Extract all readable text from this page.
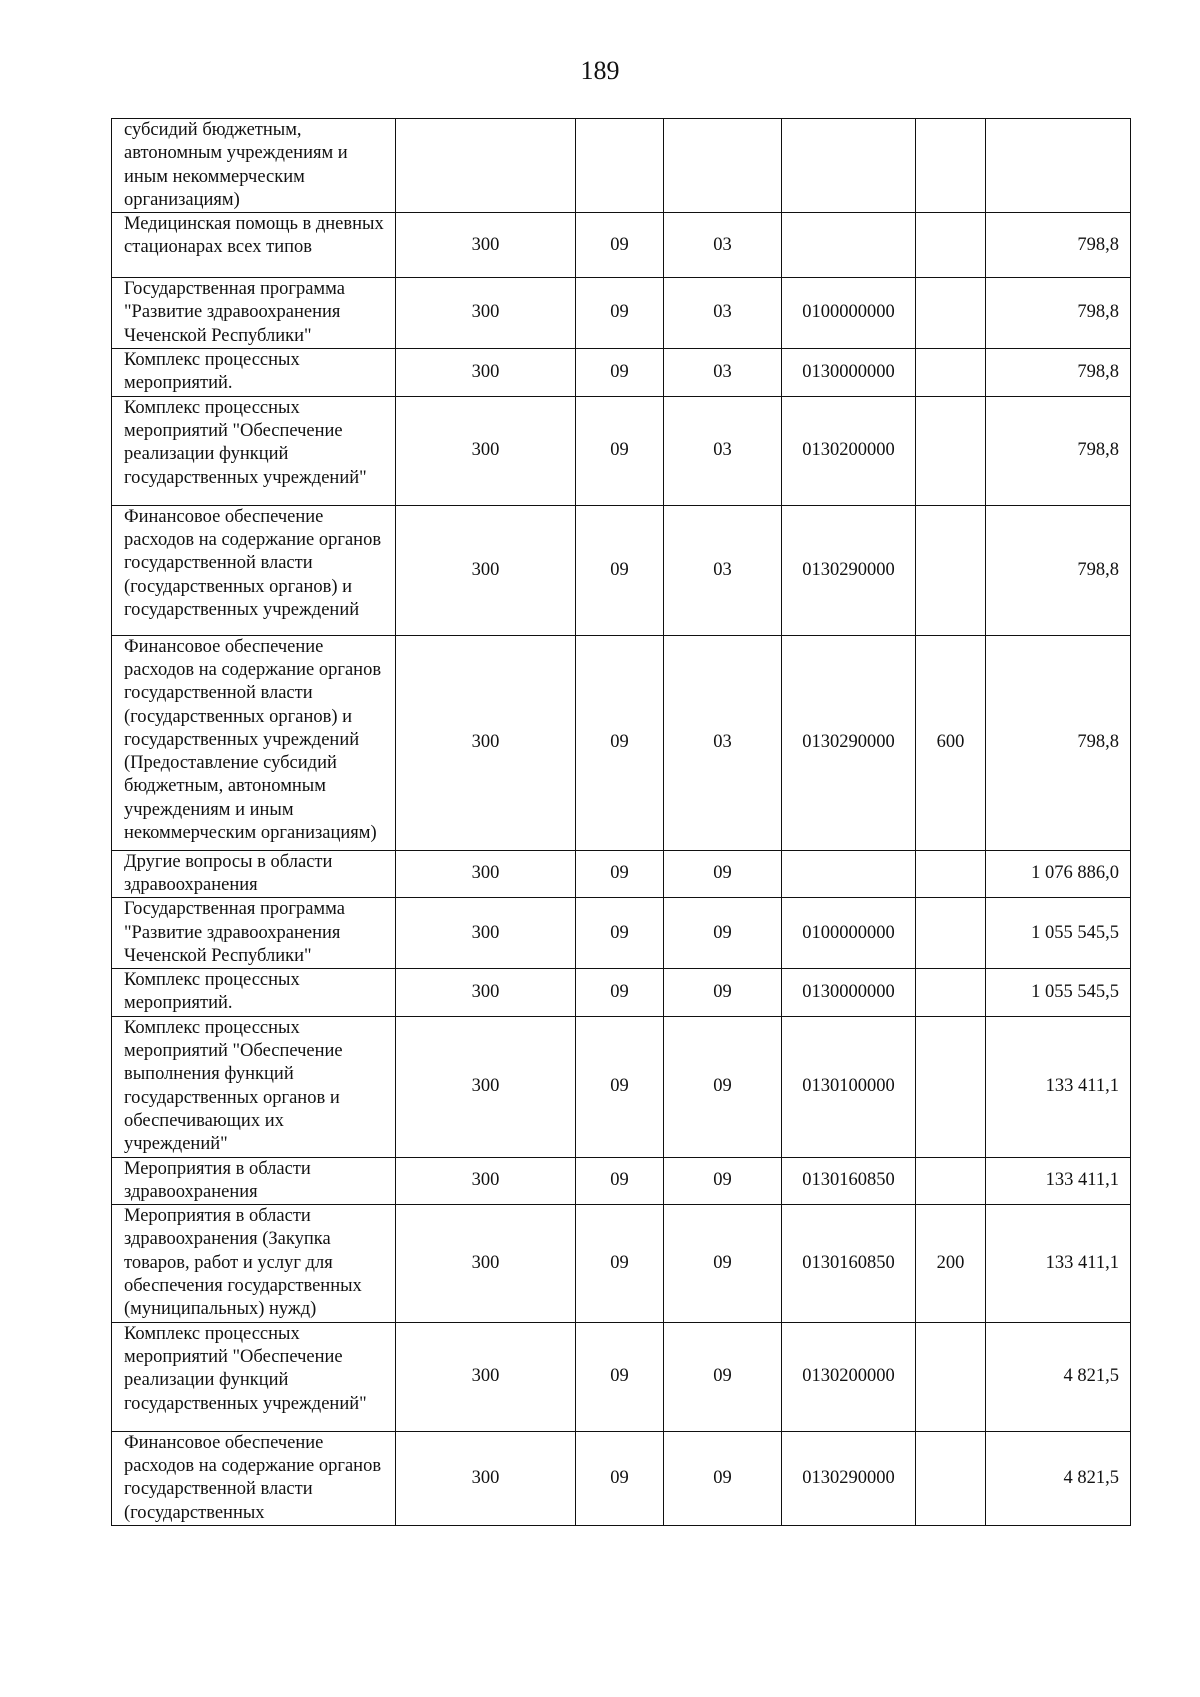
189
субсидий бюджетным, автономным учреждениям и иным некоммерческим организациям)						
Медицинская помощь в дневных стационарах всех типов	300	09	03			798,8
Государственная программа "Развитие здравоохранения Чеченской Республики"	300	09	03	0100000000		798,8
Комплекс процессных мероприятий.	300	09	03	0130000000		798,8
Комплекс процессных мероприятий "Обеспечение реализации функций государственных учреждений"	300	09	03	0130200000		798,8
Финансовое обеспечение расходов на содержание органов государственной власти (государственных органов) и государственных учреждений	300	09	03	0130290000		798,8
Финансовое обеспечение расходов на содержание органов государственной власти (государственных органов) и государственных учреждений (Предоставление субсидий бюджетным, автономным учреждениям и иным некоммерческим организациям)	300	09	03	0130290000	600	798,8
Другие вопросы в области здравоохранения	300	09	09			1 076 886,0
Государственная программа "Развитие здравоохранения Чеченской Республики"	300	09	09	0100000000		1 055 545,5
Комплекс процессных мероприятий.	300	09	09	0130000000		1 055 545,5
Комплекс процессных мероприятий "Обеспечение выполнения функций государственных органов и обеспечивающих их учреждений"	300	09	09	0130100000		133 411,1
Мероприятия в области здравоохранения	300	09	09	0130160850		133 411,1
Мероприятия в области здравоохранения (Закупка товаров, работ и услуг для обеспечения государственных (муниципальных) нужд)	300	09	09	0130160850	200	133 411,1
Комплекс процессных мероприятий "Обеспечение реализации функций государственных учреждений"	300	09	09	0130200000		4 821,5
Финансовое обеспечение расходов на содержание органов государственной власти (государственных	300	09	09	0130290000		4 821,5
